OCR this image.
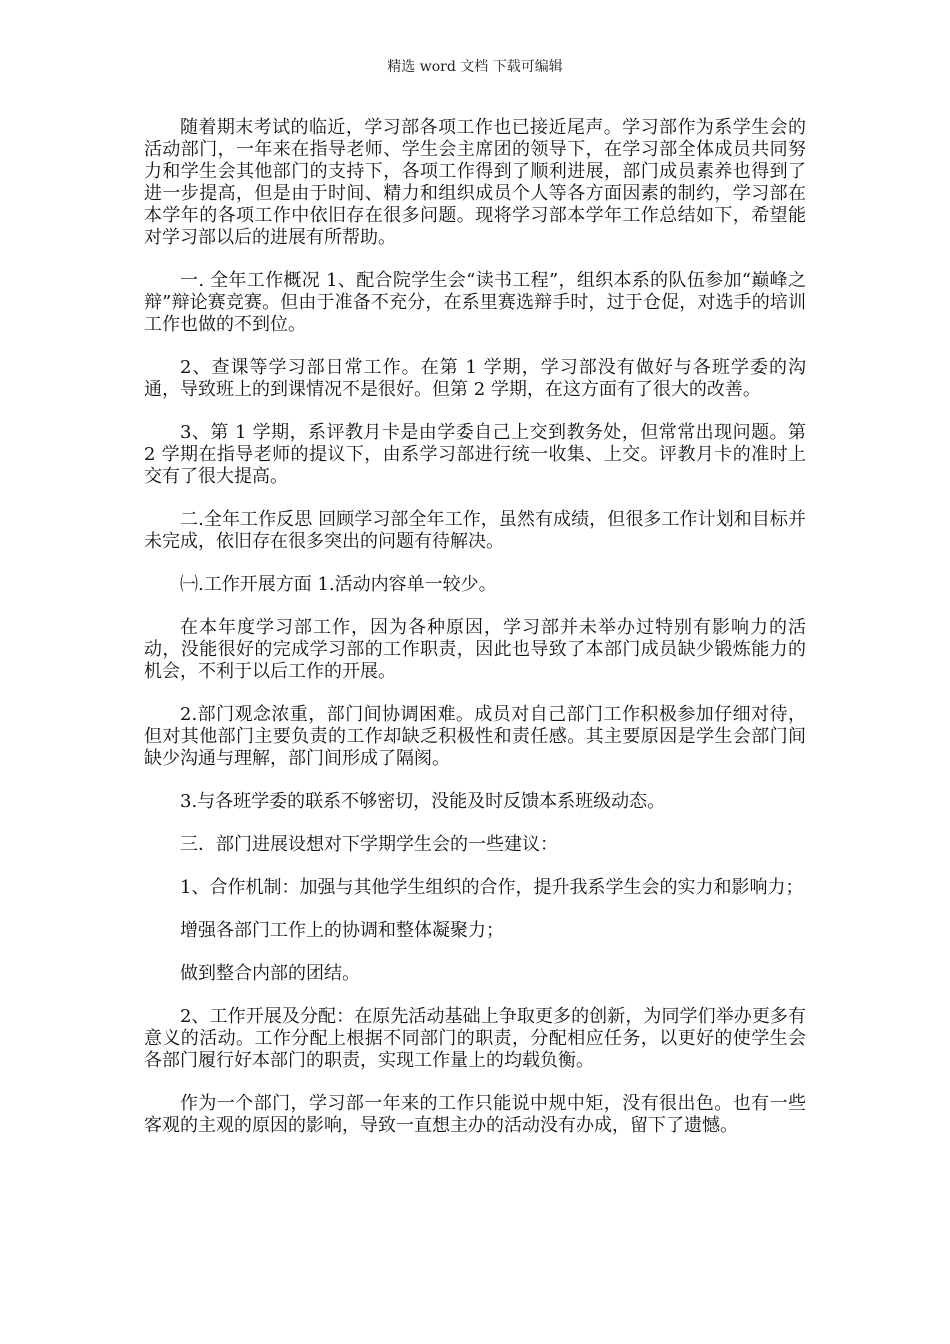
精选 word 文档 下载可编辑

随着期末考试的临近，学习部各项工作也已接近尾声。学习部作为系学生会的活动部门，一年来在指导老师、学生会主席团的领导下，在学习部全体成员共同努力和学生会其他部门的支持下，各项工作得到了顺利进展，部门成员素养也得到了进一步提高，但是由于时间、精力和组织成员个人等各方面因素的制约，学习部在本学年的各项工作中依旧存在很多问题。现将学习部本学年工作总结如下，希望能对学习部以后的进展有所帮助。

一. 全年工作概况 1、配合院学生会“读书工程”，组织本系的队伍参加“巅峰之辩”辩论赛竞赛。但由于准备不充分，在系里赛选辩手时，过于仓促，对选手的培训工作也做的不到位。

2、查课等学习部日常工作。在第 1 学期，学习部没有做好与各班学委的沟通，导致班上的到课情况不是很好。但第 2 学期，在这方面有了很大的改善。

3、第 1 学期，系评教月卡是由学委自己上交到教务处，但常常出现问题。第 2 学期在指导老师的提议下，由系学习部进行统一收集、上交。评教月卡的准时上交有了很大提高。

二.全年工作反思 回顾学习部全年工作，虽然有成绩，但很多工作计划和目标并未完成，依旧存在很多突出的问题有待解决。

㈠.工作开展方面 1.活动内容单一较少。

在本年度学习部工作，因为各种原因，学习部并未举办过特别有影响力的活动，没能很好的完成学习部的工作职责，因此也导致了本部门成员缺少锻炼能力的机会，不利于以后工作的开展。

2.部门观念浓重，部门间协调困难。成员对自己部门工作积极参加仔细对待，但对其他部门主要负责的工作却缺乏积极性和责任感。其主要原因是学生会部门间缺少沟通与理解，部门间形成了隔阂。

3.与各班学委的联系不够密切，没能及时反馈本系班级动态。

三．部门进展设想对下学期学生会的一些建议：

1、合作机制：加强与其他学生组织的合作，提升我系学生会的实力和影响力；

增强各部门工作上的协调和整体凝聚力；

做到整合内部的团结。

2、工作开展及分配：在原先活动基础上争取更多的创新，为同学们举办更多有意义的活动。工作分配上根据不同部门的职责，分配相应任务，以更好的使学生会各部门履行好本部门的职责，实现工作量上的均载负衡。

作为一个部门，学习部一年来的工作只能说中规中矩，没有很出色。也有一些客观的主观的原因的影响，导致一直想主办的活动没有办成，留下了遗憾。
